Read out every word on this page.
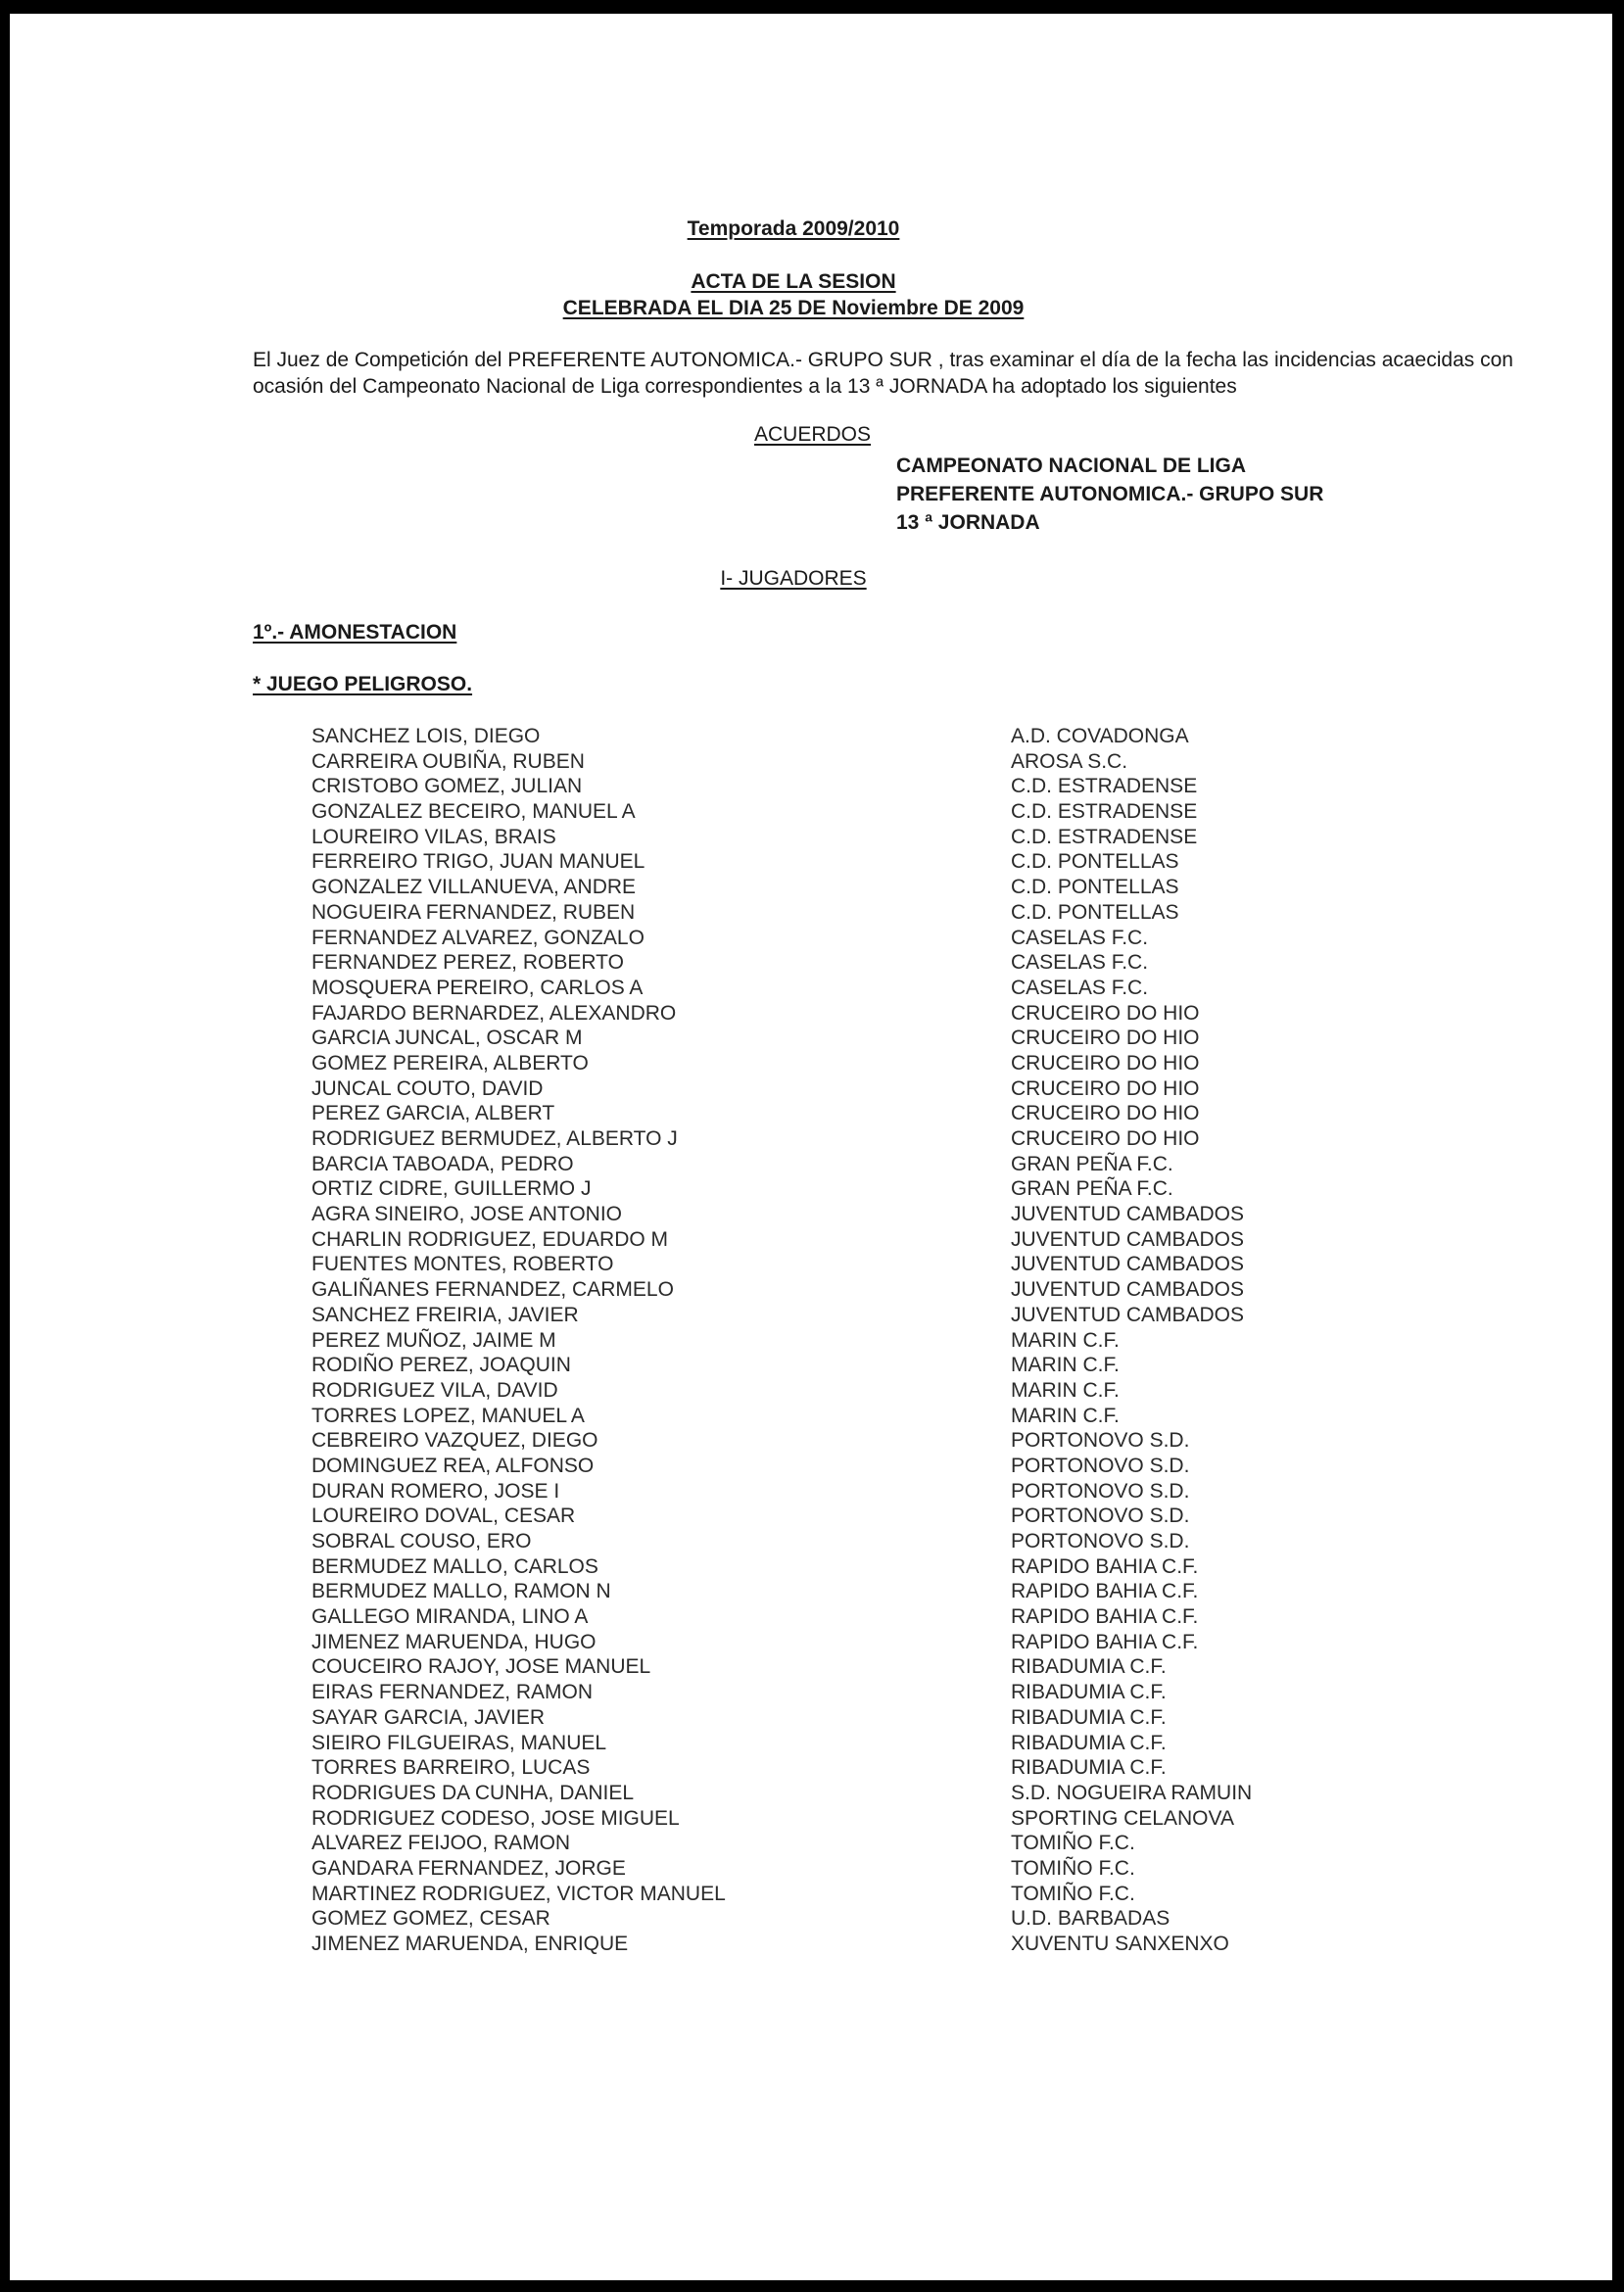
Temporada 2009/2010
ACTA DE LA SESION
CELEBRADA EL DIA 25 DE Noviembre DE 2009
El Juez de Competición del PREFERENTE AUTONOMICA.- GRUPO SUR , tras examinar el día de la fecha las incidencias acaecidas con ocasión del Campeonato Nacional de Liga correspondientes a la 13 ª JORNADA ha adoptado los siguientes
ACUERDOS
CAMPEONATO NACIONAL DE LIGA
PREFERENTE AUTONOMICA.- GRUPO SUR
13 ª JORNADA
I- JUGADORES
1º.- AMONESTACION
* JUEGO PELIGROSO.
SANCHEZ LOIS, DIEGO	A.D. COVADONGA
CARREIRA OUBIÑA, RUBEN	AROSA S.C.
CRISTOBO GOMEZ, JULIAN	C.D. ESTRADENSE
GONZALEZ BECEIRO, MANUEL A	C.D. ESTRADENSE
LOUREIRO VILAS, BRAIS	C.D. ESTRADENSE
FERREIRO TRIGO, JUAN MANUEL	C.D. PONTELLAS
GONZALEZ VILLANUEVA, ANDRE	C.D. PONTELLAS
NOGUEIRA FERNANDEZ, RUBEN	C.D. PONTELLAS
FERNANDEZ ALVAREZ, GONZALO	CASELAS F.C.
FERNANDEZ PEREZ, ROBERTO	CASELAS F.C.
MOSQUERA PEREIRO, CARLOS A	CASELAS F.C.
FAJARDO BERNARDEZ, ALEXANDRO	CRUCEIRO DO HIO
GARCIA JUNCAL, OSCAR M	CRUCEIRO DO HIO
GOMEZ PEREIRA, ALBERTO	CRUCEIRO DO HIO
JUNCAL COUTO, DAVID	CRUCEIRO DO HIO
PEREZ GARCIA, ALBERT	CRUCEIRO DO HIO
RODRIGUEZ BERMUDEZ, ALBERTO J	CRUCEIRO DO HIO
BARCIA TABOADA, PEDRO	GRAN PEÑA F.C.
ORTIZ CIDRE, GUILLERMO J	GRAN PEÑA F.C.
AGRA SINEIRO, JOSE ANTONIO	JUVENTUD CAMBADOS
CHARLIN RODRIGUEZ, EDUARDO M	JUVENTUD CAMBADOS
FUENTES MONTES, ROBERTO	JUVENTUD CAMBADOS
GALIÑANES FERNANDEZ, CARMELO	JUVENTUD CAMBADOS
SANCHEZ FREIRIA, JAVIER	JUVENTUD CAMBADOS
PEREZ MUÑOZ, JAIME M	MARIN C.F.
RODIÑO PEREZ, JOAQUIN	MARIN C.F.
RODRIGUEZ VILA, DAVID	MARIN C.F.
TORRES LOPEZ, MANUEL A	MARIN C.F.
CEBREIRO VAZQUEZ, DIEGO	PORTONOVO S.D.
DOMINGUEZ REA, ALFONSO	PORTONOVO S.D.
DURAN ROMERO, JOSE I	PORTONOVO S.D.
LOUREIRO DOVAL, CESAR	PORTONOVO S.D.
SOBRAL COUSO, ERO	PORTONOVO S.D.
BERMUDEZ MALLO, CARLOS	RAPIDO BAHIA C.F.
BERMUDEZ MALLO, RAMON N	RAPIDO BAHIA C.F.
GALLEGO MIRANDA, LINO A	RAPIDO BAHIA C.F.
JIMENEZ MARUENDA, HUGO	RAPIDO BAHIA C.F.
COUCEIRO RAJOY, JOSE MANUEL	RIBADUMIA C.F.
EIRAS FERNANDEZ, RAMON	RIBADUMIA C.F.
SAYAR GARCIA, JAVIER	RIBADUMIA C.F.
SIEIRO FILGUEIRAS, MANUEL	RIBADUMIA C.F.
TORRES BARREIRO, LUCAS	RIBADUMIA C.F.
RODRIGUES DA CUNHA, DANIEL	S.D. NOGUEIRA RAMUIN
RODRIGUEZ CODESO, JOSE MIGUEL	SPORTING CELANOVA
ALVAREZ FEIJOO, RAMON	TOMIÑO F.C.
GANDARA FERNANDEZ, JORGE	TOMIÑO F.C.
MARTINEZ RODRIGUEZ, VICTOR MANUEL	TOMIÑO F.C.
GOMEZ GOMEZ, CESAR	U.D. BARBADAS
JIMENEZ MARUENDA, ENRIQUE	XUVENTU SANXENXO
